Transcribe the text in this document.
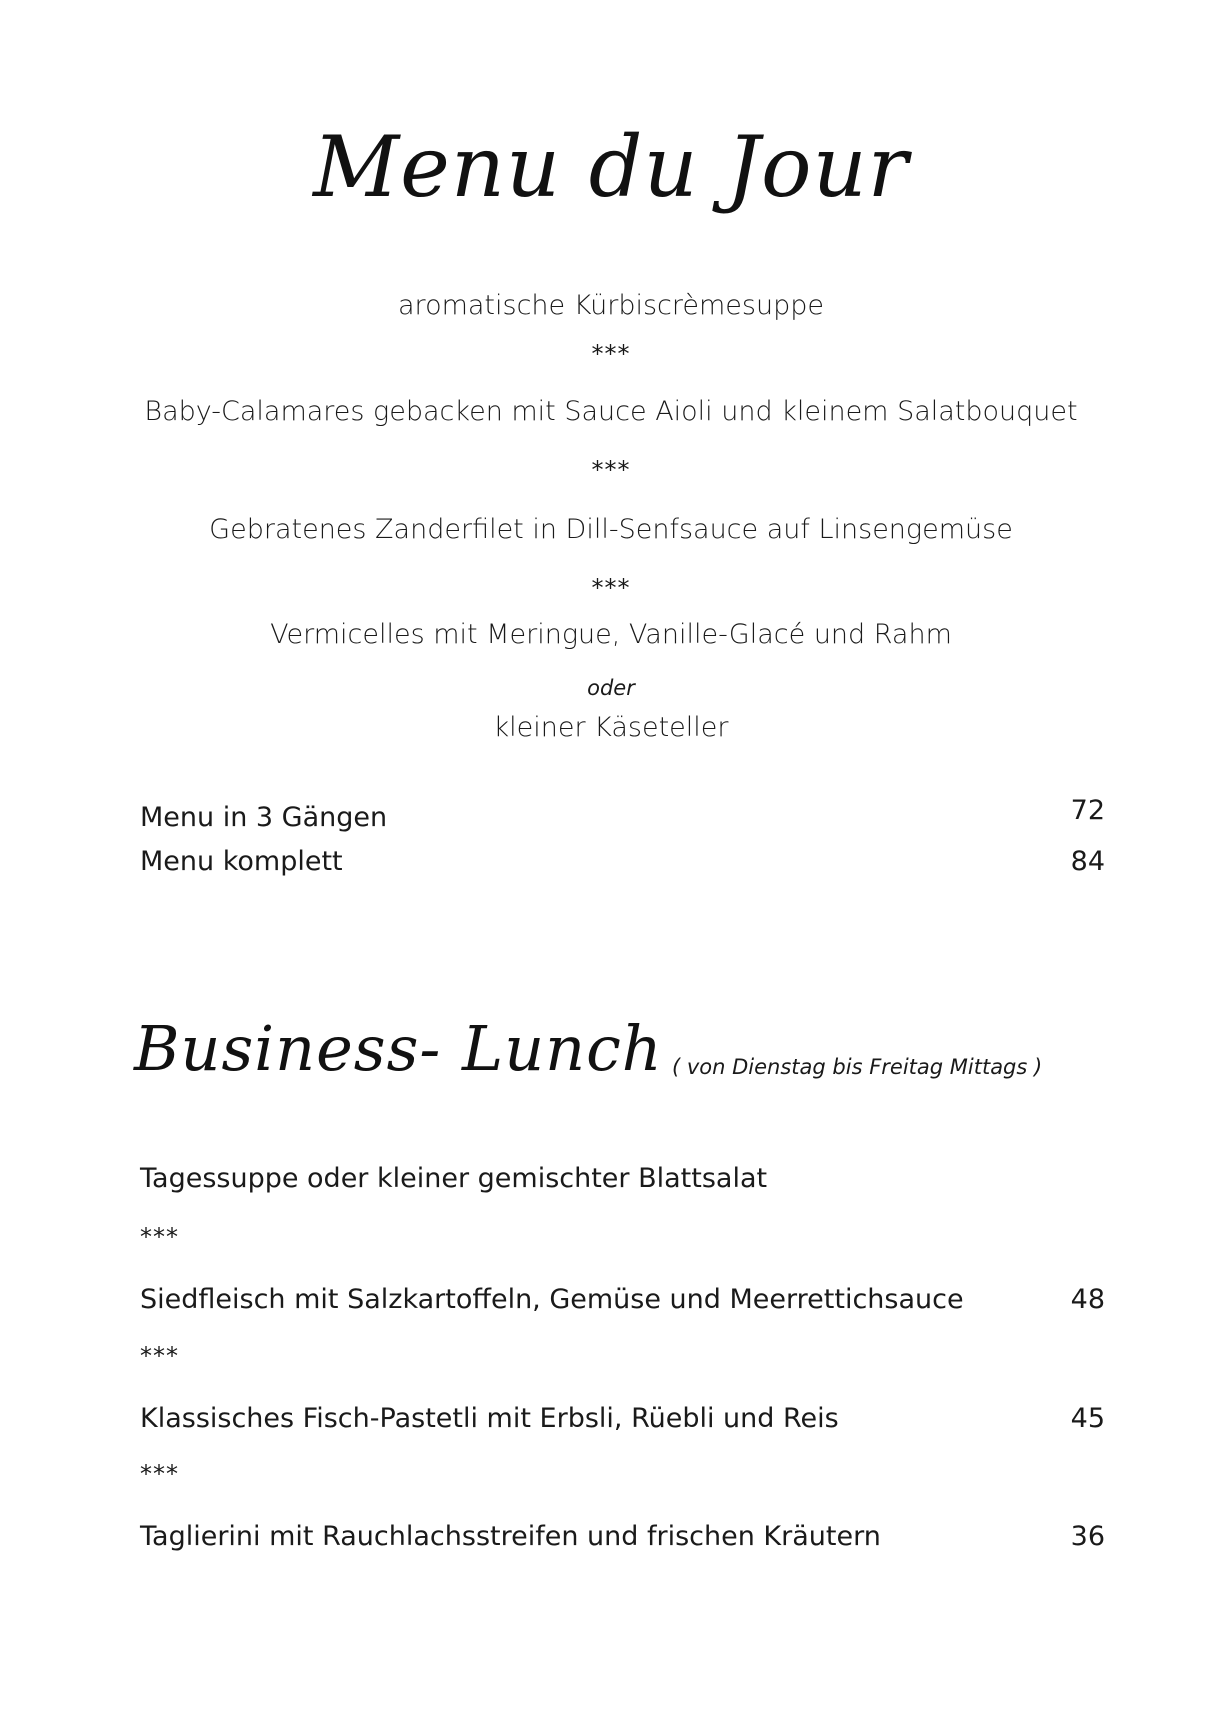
Menu du Jour
aromatische Kürbiscrèmesuppe
***
Baby-Calamares gebacken mit Sauce Aioli und kleinem Salatbouquet
***
Gebratenes Zanderfilet in Dill-Senfsauce auf Linsengemüse
***
Vermicelles mit Meringue, Vanille-Glacé und Rahm
oder
kleiner Käseteller
Menu in 3 Gängen	72
Menu komplett	84
Business- Lunch ( von Dienstag bis Freitag Mittags )
Tagessuppe oder kleiner gemischter Blattsalat
***
Siedfleisch mit Salzkartoffeln, Gemüse und Meerrettichsauce	48
***
Klassisches Fisch-Pastetli mit Erbsli, Rüebli und Reis	45
***
Taglierini mit Rauchlachsstreifen und frischen Kräutern	36
